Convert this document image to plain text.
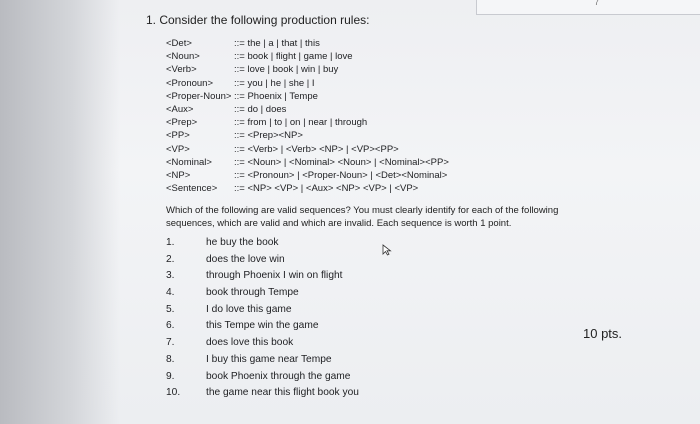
7
1. Consider the following production rules:
<Det>	::= the | a | that | this
<Noun>	::= book | flight | game | love
<Verb>	::= love | book | win | buy
<Pronoun> ::= you | he | she | I
<Proper-Noun> ::= Phoenix | Tempe
<Aux>	::= do | does
<Prep>	::= from | to | on | near | through
<PP>	::= <Prep><NP>
<VP>	::= <Verb> | <Verb> <NP> | <VP><PP>
<Nominal> ::= <Noun> | <Nominal> <Noun> | <Nominal><PP>
<NP>	::= <Pronoun> | <Proper-Noun> | <Det><Nominal>
<Sentence> ::= <NP> <VP> | <Aux> <NP> <VP> | <VP>
Which of the following are valid sequences? You must clearly identify for each of the following sequences, which are valid and which are invalid. Each sequence is worth 1 point.
1.	he buy the book
2.	does the love win
3.	through Phoenix I win on flight
4.	book through Tempe
5.	I do love this game
6.	this Tempe win the game
7.	does love this book
8.	I buy this game near Tempe
9.	book Phoenix through the game
10.	the game near this flight book you
10 pts.
